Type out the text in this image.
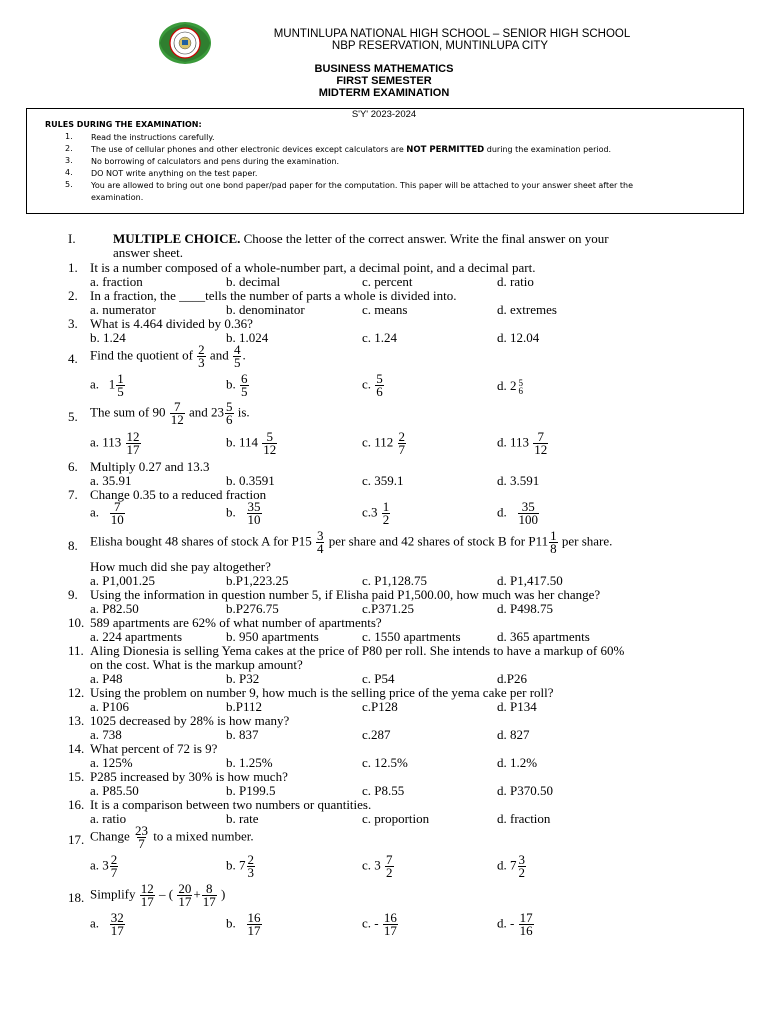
MUNTINLUPA NATIONAL HIGH SCHOOL – SENIOR HIGH SCHOOL
NBP RESERVATION, MUNTINLUPA CITY
BUSINESS MATHEMATICS
FIRST SEMESTER
MIDTERM EXAMINATION
S'Y' 2023-2024
RULES DURING THE EXAMINATION:
1. Read the instructions carefully.
2. The use of cellular phones and other electronic devices except calculators are NOT PERMITTED during the examination period.
3. No borrowing of calculators and pens during the examination.
4. DO NOT write anything on the test paper.
5. You are allowed to bring out one bond paper/pad paper for the computation. This paper will be attached to your answer sheet after the
examination.
I.	MULTIPLE CHOICE. Choose the letter of the correct answer. Write the final answer on your
answer sheet.
1. It is a number composed of a whole-number part, a decimal point, and a decimal part.
a. fraction	b. decimal	c. percent	d. ratio
2. In a fraction, the ____tells the number of parts a whole is divided into.
a. numerator	b. denominator	c. means	d. extremes
3. What is 4.464 divided by 0.36?
b. 1.24	b. 1.024	c. 1.24	d. 12.04
4. Find the quotient of $\frac{2}{3}$ and $\frac{4}{5}$ .
a. $1 \frac{1}{5}$	b. $\frac{6}{5}$	c. $\frac{5}{6}$	d. 2 5
6
5. The sum of $90 \frac{7}{12}$ and $23 \frac{5}{6}$ is.
a. $113 \frac{12}{17}$	b. $114 \frac{5}{12}$	c. $112 \frac{2}{7}$	d. $113 \frac{7}{12}$
6. Multiply 0.27 and 13.3
a. 35.91	b. 0.3591	c. 359.1	d. 3.591
7. Change 0.35 to a reduced fraction
a. $\frac{7}{10}$	b. $\frac{35}{10}$	$c.3 \frac{1}{2}$	d. $\frac{35}{100}$
8. Elisha bought 48 shares of stock A for $P15 \frac{3}{4}$ per share and 42 shares of stock B for $P11 \frac{1}{8}$ per share.
How much did she pay altogether?
a. P1,001.25	b.P1,223.25	c. P1,128.75	d. P1,417.50
9. Using the information in question number 5, if Elisha paid P1,500.00, how much was her change?
a. P82.50	b.P276.75	c.P371.25	d. P498.75
10. 589 apartments are 62% of what number of apartments?
a. 224 apartments	b. 950 apartments	c. 1550 apartments	d. 365 apartments
11. Aling Dionesia is selling Yema cakes at the price of P80 per roll. She intends to have a markup of 60%
on the cost. What is the markup amount?
a. P48	b. P32	c. P54	d.P26
12. Using the problem on number 9, how much is the selling price of the yema cake per roll?
a. P106	b.P112	c.P128	d. P134
13. 1025 decreased by 28% is how many?
a. 738	b. 837	c.287	d. 827
14. What percent of 72 is 9?
a. 125%	b. 1.25%	c. 12.5%	d. 1.2%
15. P285 increased by 30% is how much?
a. P85.50	b. P199.5	c. P8.55	d. P370.50
16. It is a comparison between two numbers or quantities.
a. ratio	b. rate	c. proportion	d. fraction
17. Change $\frac{23}{7}$ to a mixed number.
a. $3 \frac{2}{7}$	b. $7 \frac{2}{3}$	c. $3 \frac{7}{2}$	d. $7 \frac{3}{2}$
18. Simplify $\frac{12}{17}$ – ( $\frac{20}{17} + \frac{8}{17}$ )
a. $\frac{32}{17}$	b. $\frac{16}{17}$	c. - $\frac{16}{17}$	d. - $\frac{17}{16}$
